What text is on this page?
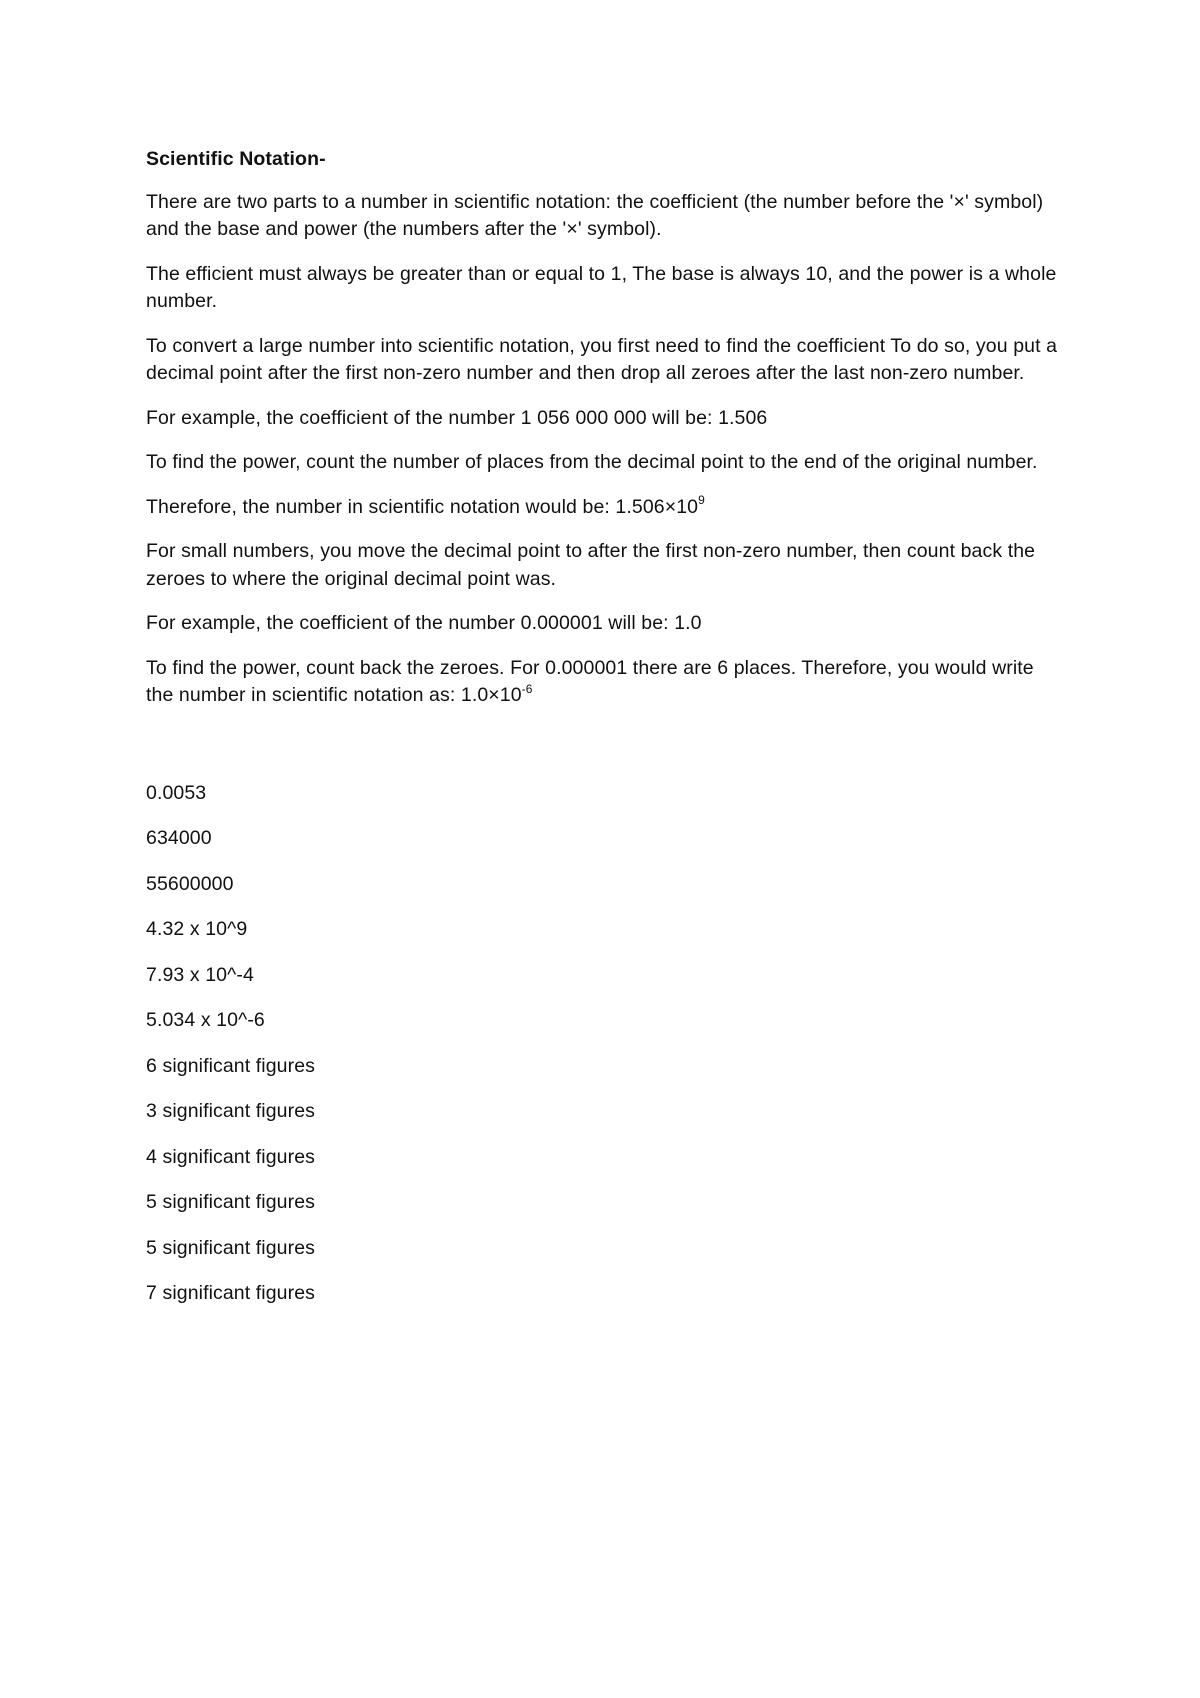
Scientific Notation-

There are two parts to a number in scientific notation: the coefficient (the number before the '×' symbol) and the base and power (the numbers after the '×' symbol).

The efficient must always be greater than or equal to 1, The base is always 10, and the power is a whole number.

To convert a large number into scientific notation, you first need to find the coefficient To do so, you put a decimal point after the first non-zero number and then drop all zeroes after the last non-zero number.

For example, the coefficient of the number 1 056 000 000 will be: 1.506

To find the power, count the number of places from the decimal point to the end of the original number.

Therefore, the number in scientific notation would be: $1.506\times 10^9$

For small numbers, you move the decimal point to after the first non-zero number, then count back the zeroes to where the original decimal point was.

For example, the coefficient of the number 0.000001 will be: 1.0

To find the power, count back the zeroes. For 0.000001 there are 6 places. Therefore, you would write the number in scientific notation as: $1.0\times 10^{-6}$

0.0053

634000

55600000

4.32 x 10^9

7.93 x 10^-4

5.034 x 10^-6

6 significant figures

3 significant figures

4 significant figures

5 significant figures

5 significant figures

7 significant figures
